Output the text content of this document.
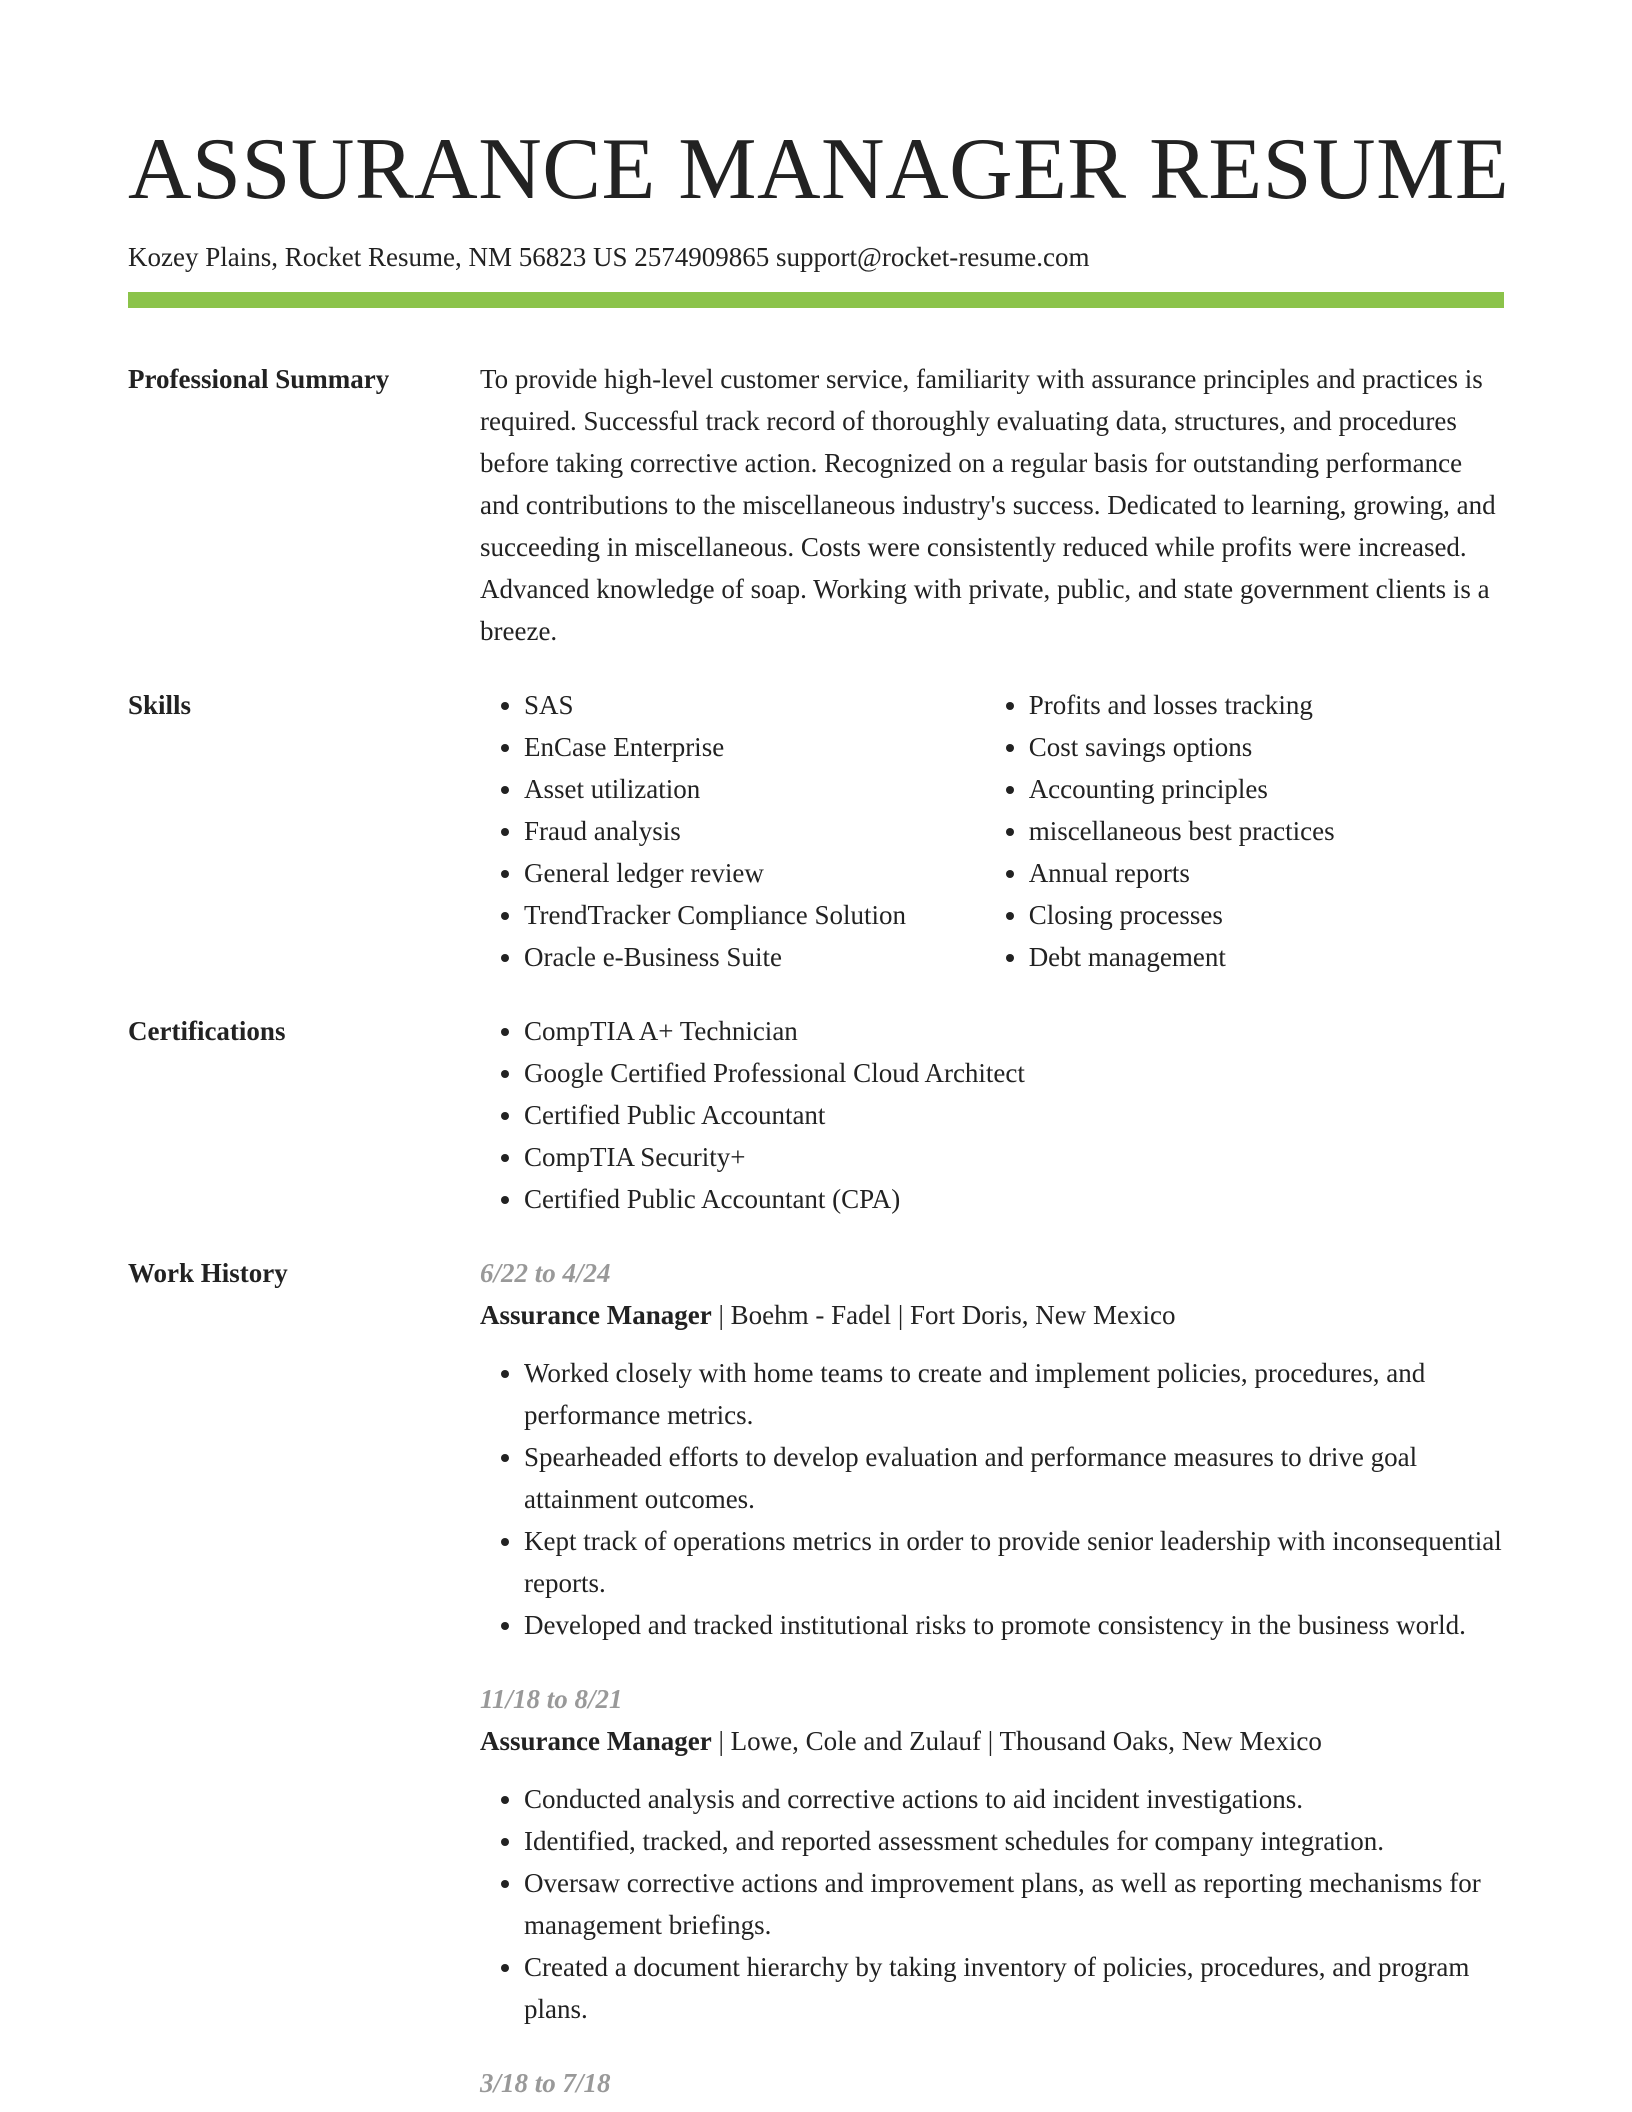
ASSURANCE MANAGER RESUME
Kozey Plains, Rocket Resume, NM 56823 US 2574909865 support@rocket-resume.com
Professional Summary	To provide high-level customer service, familiarity with assurance principles and practices is required. Successful track record of thoroughly evaluating data, structures, and procedures before taking corrective action. Recognized on a regular basis for outstanding performance and contributions to the miscellaneous industry's success. Dedicated to learning, growing, and succeeding in miscellaneous. Costs were consistently reduced while profits were increased. Advanced knowledge of soap. Working with private, public, and state government clients is a breeze.

Skills	• SAS
• EnCase Enterprise
• Asset utilization
• Fraud analysis
• General ledger review
• TrendTracker Compliance Solution
• Oracle e-Business Suite
• Profits and losses tracking
• Cost savings options
• Accounting principles
• miscellaneous best practices
• Annual reports
• Closing processes
• Debt management
Certifications	• CompTIA A+ Technician
• Google Certified Professional Cloud Architect
• Certified Public Accountant
• CompTIA Security+
• Certified Public Accountant (CPA)
Work History	6/22 to 4/24
Assurance Manager | Boehm - Fadel | Fort Doris, New Mexico
• Worked closely with home teams to create and implement policies, procedures, and performance metrics.
• Spearheaded efforts to develop evaluation and performance measures to drive goal attainment outcomes.
• Kept track of operations metrics in order to provide senior leadership with inconsequential reports.
• Developed and tracked institutional risks to promote consistency in the business world.
11/18 to 8/21
Assurance Manager | Lowe, Cole and Zulauf | Thousand Oaks, New Mexico
• Conducted analysis and corrective actions to aid incident investigations.
• Identified, tracked, and reported assessment schedules for company integration.
• Oversaw corrective actions and improvement plans, as well as reporting mechanisms for management briefings.
• Created a document hierarchy by taking inventory of policies, procedures, and program plans.
3/18 to 7/18
